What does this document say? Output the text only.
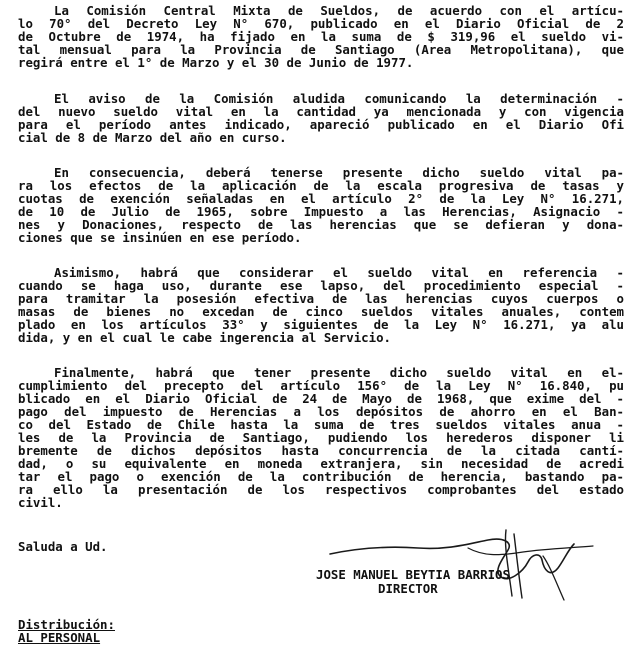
La Comisión Central Mixta de Sueldos, de acuerdo con el artícu-
lo 70° del Decreto Ley N° 670, publicado en el Diario Oficial de 2
de Octubre de 1974, ha fijado en la suma de $ 319,96 el sueldo vi-
tal mensual para la Provincia de Santiago (Area Metropolitana), que
regirá entre el 1° de Marzo y el 30 de Junio de 1977.
El aviso de la Comisión aludida comunicando la determinación -
del nuevo sueldo vital en la cantidad ya mencionada y con vigencia
para el período antes indicado, apareció publicado en el Diario Ofi
cial de 8 de Marzo del año en curso.
En consecuencia, deberá tenerse presente dicho sueldo vital pa-
ra los efectos de la aplicación de la escala progresiva de tasas y
cuotas de exención señaladas en el artículo 2° de la Ley N° 16.271,
de 10 de Julio de 1965, sobre Impuesto a las Herencias, Asignacio -
nes y Donaciones, respecto de las herencias que se defieran y dona-
ciones que se insinúen en ese período.
Asimismo, habrá que considerar el sueldo vital en referencia -
cuando se haga uso, durante ese lapso, del procedimiento especial -
para tramitar la posesión efectiva de las herencias cuyos cuerpos o
masas de bienes no excedan de cinco sueldos vitales anuales, contem
plado en los artículos 33° y siguientes de la Ley N° 16.271, ya alu
dida, y en el cual le cabe ingerencia al Servicio.
Finalmente, habrá que tener presente dicho sueldo vital en el-
cumplimiento del precepto del artículo 156° de la Ley N° 16.840, pu
blicado en el Diario Oficial de 24 de Mayo de 1968, que exime del -
pago del impuesto de Herencias a los depósitos de ahorro en el Ban-
co del Estado de Chile hasta la suma de tres sueldos vitales anua -
les de la Provincia de Santiago, pudiendo los herederos disponer li
bremente de dichos depósitos hasta concurrencia de la citada cantí-
dad, o su equivalente en moneda extranjera, sin necesidad de acredi
tar el pago o exención de la contribución de herencia, bastando pa-
ra ello la presentación de los respectivos comprobantes del estado
civil.
Saluda a Ud.
JOSE MANUEL BEYTIA BARRIOS
DIRECTOR
Distribución:
AL PERSONAL
